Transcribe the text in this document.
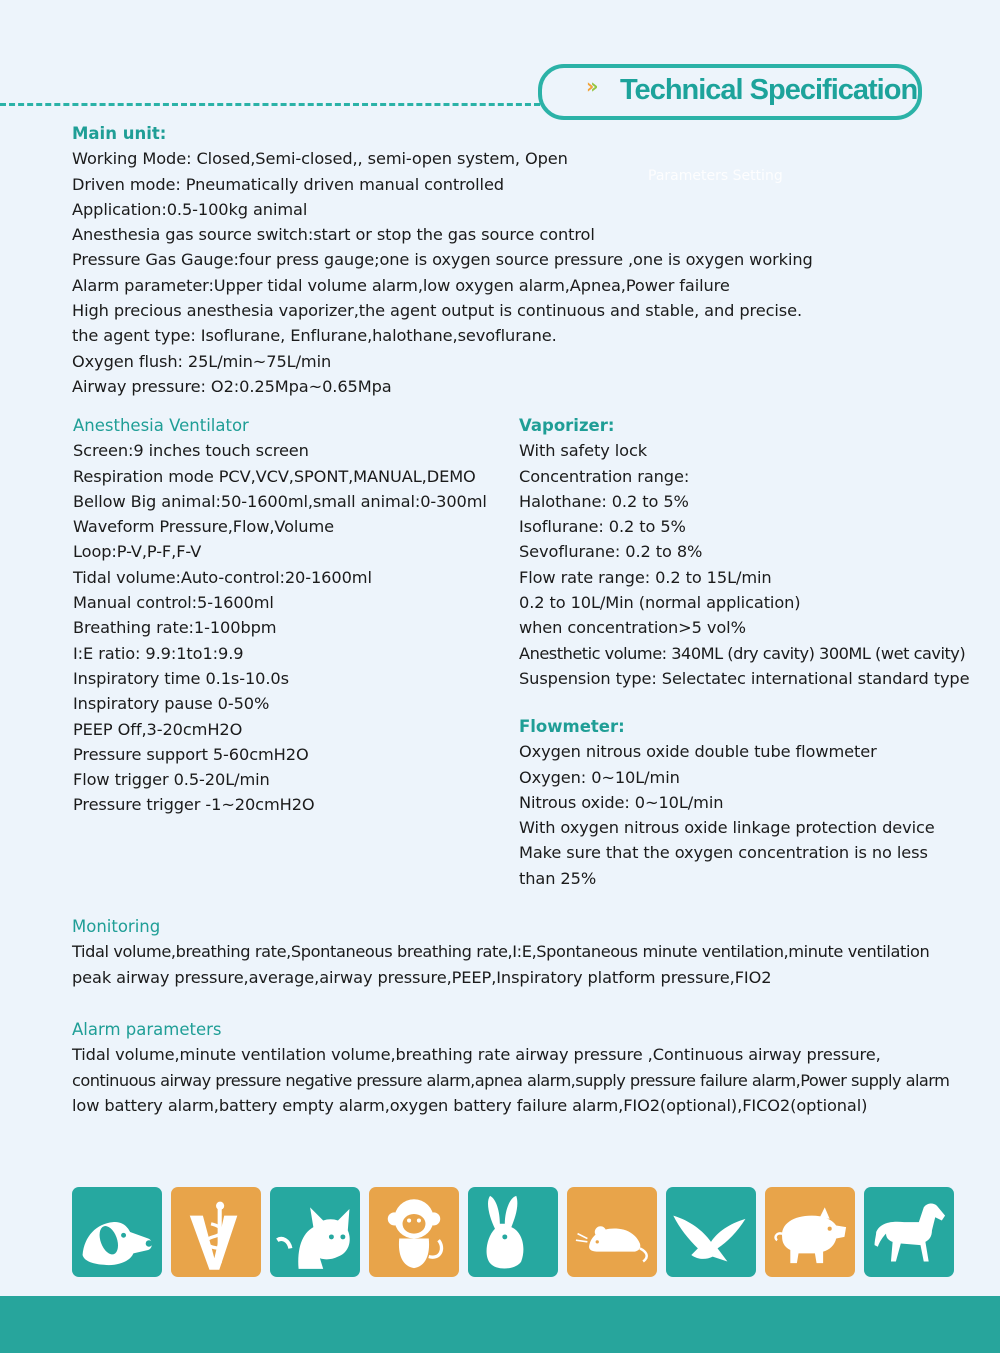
›› Technical Specification
Parameters Setting
Main unit:
Working Mode: Closed,Semi-closed,, semi-open system, Open
Driven mode: Pneumatically driven manual controlled
Application:0.5-100kg animal
Anesthesia gas source switch:start or stop the gas source control
Pressure Gas Gauge:four press gauge;one is oxygen source pressure ,one is oxygen working
Alarm parameter:Upper tidal volume alarm,low oxygen alarm,Apnea,Power failure
High precious anesthesia vaporizer,the agent output is continuous and stable, and precise.
the agent type: Isoflurane, Enflurane,halothane,sevoflurane.
Oxygen flush: 25L/min~75L/min
Airway pressure: O2:0.25Mpa~0.65Mpa
Anesthesia Ventilator
Screen:9 inches touch screen
Respiration mode PCV,VCV,SPONT,MANUAL,DEMO
Bellow Big animal:50-1600ml,small animal:0-300ml
Waveform Pressure,Flow,Volume
Loop:P-V,P-F,F-V
Tidal volume:Auto-control:20-1600ml
Manual control:5-1600ml
Breathing rate:1-100bpm
I:E ratio: 9.9:1to1:9.9
Inspiratory time 0.1s-10.0s
Inspiratory pause 0-50%
PEEP Off,3-20cmH2O
Pressure support 5-60cmH2O
Flow trigger 0.5-20L/min
Pressure trigger -1~20cmH2O
Vaporizer:
With safety lock
Concentration range:
Halothane: 0.2 to 5%
Isoflurane: 0.2 to 5%
Sevoflurane: 0.2 to 8%
Flow rate range: 0.2 to 15L/min
0.2 to 10L/Min (normal application)
when concentration>5 vol%
Anesthetic volume: 340ML (dry cavity) 300ML (wet cavity)
Suspension type: Selectatec international standard type
Flowmeter:
Oxygen nitrous oxide double tube flowmeter
Oxygen: 0~10L/min
Nitrous oxide: 0~10L/min
With oxygen nitrous oxide linkage protection device
Make sure that the oxygen concentration is no less
than 25%
Monitoring
Tidal volume,breathing rate,Spontaneous breathing rate,I:E,Spontaneous minute ventilation,minute ventilation
peak airway pressure,average,airway pressure,PEEP,Inspiratory platform pressure,FIO2
Alarm parameters
Tidal volume,minute ventilation volume,breathing rate airway pressure ,Continuous airway pressure,
continuous airway pressure negative pressure alarm,apnea alarm,supply pressure failure alarm,Power supply alarm
low battery alarm,battery empty alarm,oxygen battery failure alarm,FIO2(optional),FICO2(optional)
